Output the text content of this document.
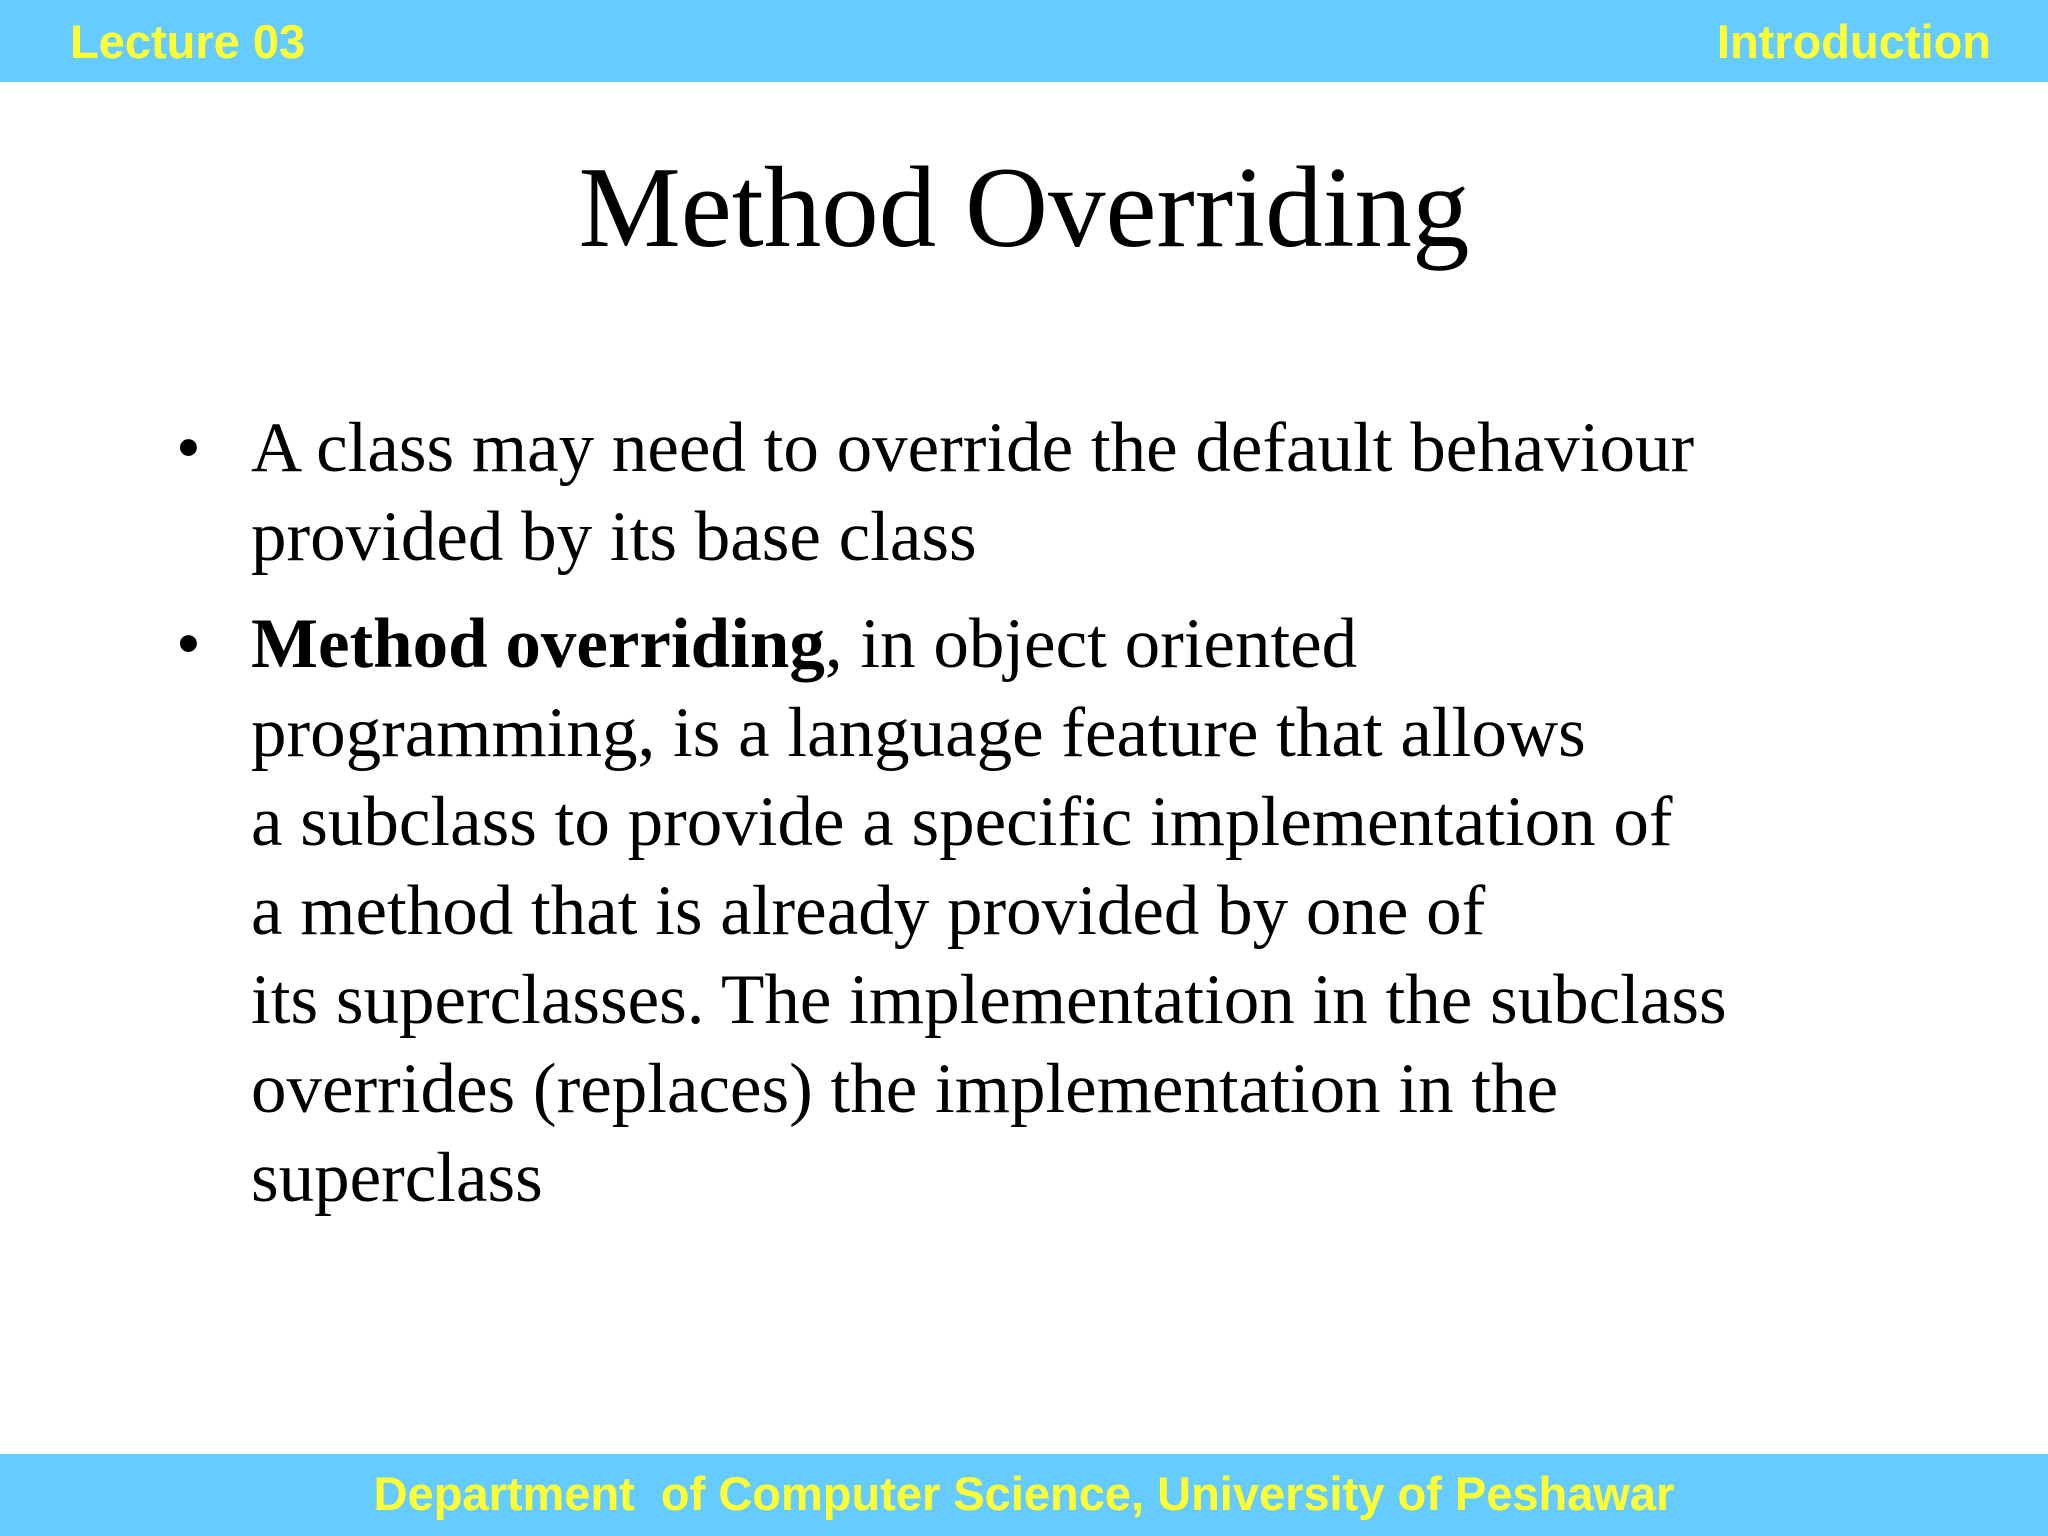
Lecture 03	Introduction
Method Overriding
• A class may need to override the default behaviour
provided by its base class
• Method overriding, in object oriented
programming, is a language feature that allows
a subclass to provide a specific implementation of
a method that is already provided by one of
its superclasses. The implementation in the subclass
overrides (replaces) the implementation in the
superclass
Department  of Computer Science, University of Peshawar
